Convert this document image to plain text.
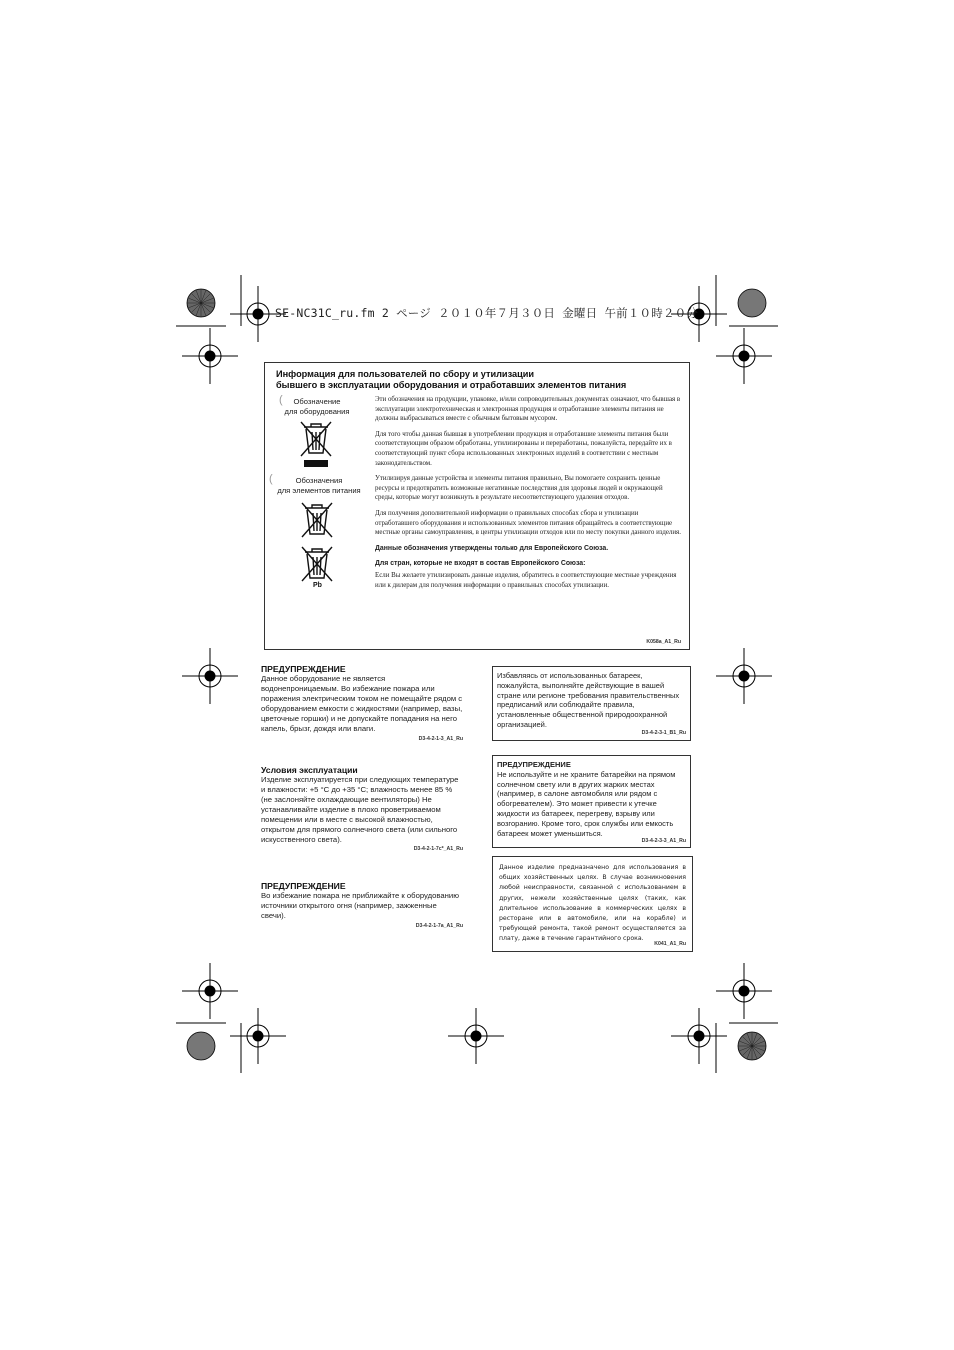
SE-NC31C_ru.fm 2 ページ ２０１０年７月３０日 金曜日 午前１０時２０分
Информация для пользователей по сбору и утилизации
бывшего в эксплуатации оборудования и отработавших элементов питания
(	Обозначение
для оборудования
(	Обозначения
для элементов питания
Pb

Эти обозначения на продукции, упаковке, и/или сопроводительных документах означают, что бывшая в эксплуатации электротехническая и электронная продукция и отработавшие элементы питания не должны выбрасываться вместе с обычным бытовым мусором.

Для того чтобы данная бывшая в употреблении продукция и отработавшие элементы питания были соответствующим образом обработаны, утилизированы и переработаны, пожалуйста, передайте их в соответствующий пункт сбора использованных электронных изделий в соответствии с местным законодательством.

Утилизируя данные устройства и элементы питания правильно, Вы помогаете сохранить ценные ресурсы и предотвратить возможные негативные последствия для здоровья людей и окружающей среды, которые могут возникнуть в результате несоответствующего удаления отходов.

Для получения дополнительной информации о правильных способах сбора и утилизации отработавшего оборудования и использованных элементов питания обращайтесь в соответствующие местные органы самоуправления, в центры утилизации отходов или по месту покупки данного изделия.

Данные обозначения утверждены только для Европейского Союза.

Для стран, которые не входят в состав Европейского Союза:

Если Вы желаете утилизировать данные изделия, обратитесь в соответствующие местные учреждения или к дилерам для получения информации о правильных способах утилизации.

K058a_A1_Ru
ПРЕДУПРЕЖДЕНИЕ
Данное оборудование не является водонепроницаемым. Во избежание пожара или поражения электрическим током не помещайте рядом с оборудованием емкости с жидкостями (например, вазы, цветочные горшки) и не допускайте попадания на него капель, брызг, дождя или влаги.
D3-4-2-1-3_A1_Ru
Условия эксплуатации
Изделие эксплуатируется при следующих температуре и влажности: +5 °C до +35 °C; влажность менее 85 % (не заслоняйте охлаждающие вентиляторы) Не устанавливайте изделие в плохо проветриваемом помещении или в месте с высокой влажностью, открытом для прямого солнечного света (или сильного искусственного света).
D3-4-2-1-7c*_A1_Ru
ПРЕДУПРЕЖДЕНИЕ
Во избежание пожара не приближайте к оборудованию источники открытого огня (например, зажженные свечи).
D3-4-2-1-7a_A1_Ru
Избавляясь от использованных батареек, пожалуйста, выполняйте действующие в вашей стране или регионе требования правительственных предписаний или соблюдайте правила, установленные общественной природоохранной организацией.
D3-4-2-3-1_B1_Ru
ПРЕДУПРЕЖДЕНИЕ
Не используйте и не храните батарейки на прямом солнечном свету или в других жарких местах (например, в салоне автомобиля или рядом с обогревателем). Это может привести к утечке жидкости из батареек, перегреву, взрыву или возгоранию. Кроме того, срок службы или емкость батареек может уменьшиться.
D3-4-2-3-3_A1_Ru
Данное изделие предназначено для использования в общих хозяйственных целях. В случае возникновения любой неисправности, связанной с использованием в других, нежели хозяйственные целях (таких, как длительное использование в коммерческих целях в ресторане или в автомобиле, или на корабле) и требующей ремонта, такой ремонт осуществляется за плату, даже в течение гарантийного срока.
K041_A1_Ru
